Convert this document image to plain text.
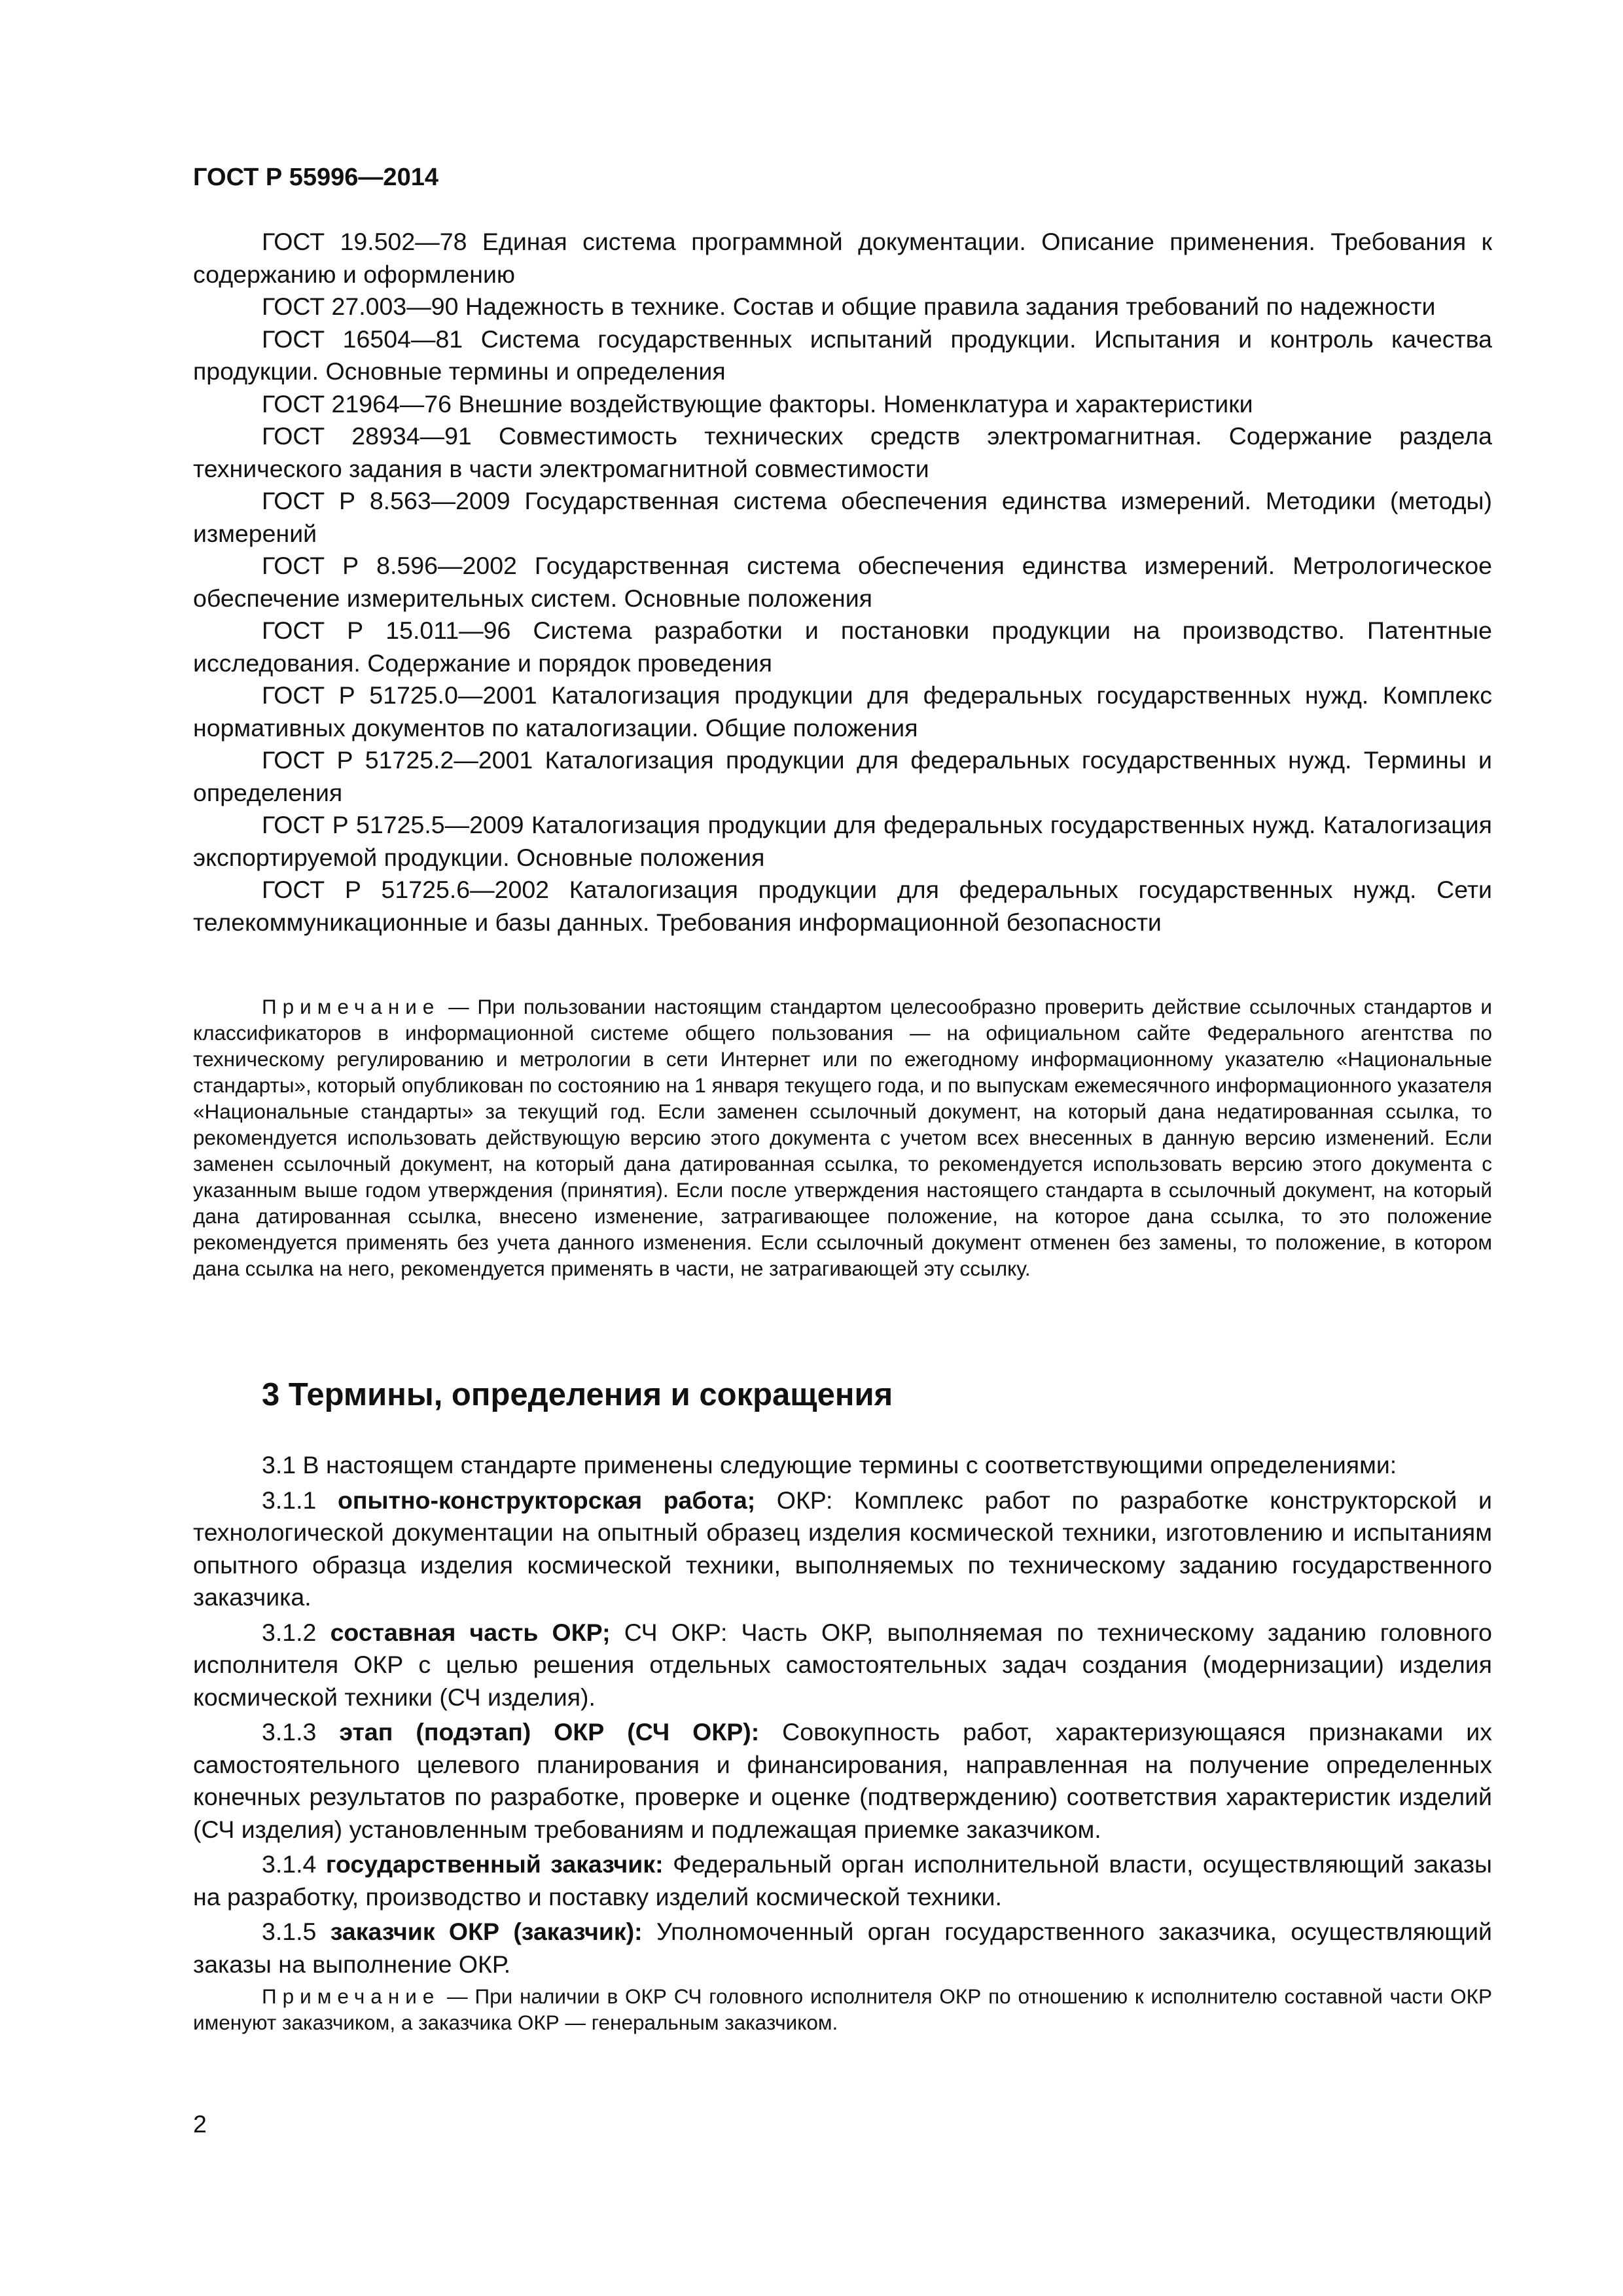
ГОСТ Р 55996—2014

ГОСТ 19.502—78 Единая система программной документации. Описание применения. Требования к содержанию и оформлению

ГОСТ 27.003—90 Надежность в технике. Состав и общие правила задания требований по надежности

ГОСТ 16504—81 Система государственных испытаний продукции. Испытания и контроль качества продукции. Основные термины и определения

ГОСТ 21964—76 Внешние воздействующие факторы. Номенклатура и характеристики

ГОСТ 28934—91 Совместимость технических средств электромагнитная. Содержание раздела технического задания в части электромагнитной совместимости

ГОСТ Р 8.563—2009 Государственная система обеспечения единства измерений. Методики (методы) измерений

ГОСТ Р 8.596—2002 Государственная система обеспечения единства измерений. Метрологическое обеспечение измерительных систем. Основные положения

ГОСТ Р 15.011—96 Система разработки и постановки продукции на производство. Патентные исследования. Содержание и порядок проведения

ГОСТ Р 51725.0—2001 Каталогизация продукции для федеральных государственных нужд. Комплекс нормативных документов по каталогизации. Общие положения

ГОСТ Р 51725.2—2001 Каталогизация продукции для федеральных государственных нужд. Термины и определения

ГОСТ Р 51725.5—2009 Каталогизация продукции для федеральных государственных нужд. Каталогизация экспортируемой продукции. Основные положения

ГОСТ Р 51725.6—2002 Каталогизация продукции для федеральных государственных нужд. Сети телекоммуникационные и базы данных. Требования информационной безопасности

Примечание — При пользовании настоящим стандартом целесообразно проверить действие ссылочных стандартов и классификаторов в информационной системе общего пользования — на официальном сайте Федерального агентства по техническому регулированию и метрологии в сети Интернет или по ежегодному информационному указателю «Национальные стандарты», который опубликован по состоянию на 1 января текущего года, и по выпускам ежемесячного информационного указателя «Национальные стандарты» за текущий год. Если заменен ссылочный документ, на который дана недатированная ссылка, то рекомендуется использовать действующую версию этого документа с учетом всех внесенных в данную версию изменений. Если заменен ссылочный документ, на который дана датированная ссылка, то рекомендуется использовать версию этого документа с указанным выше годом утверждения (принятия). Если после утверждения настоящего стандарта в ссылочный документ, на который дана датированная ссылка, внесено изменение, затрагивающее положение, на которое дана ссылка, то это положение рекомендуется применять без учета данного изменения. Если ссылочный документ отменен без замены, то положение, в котором дана ссылка на него, рекомендуется применять в части, не затрагивающей эту ссылку.

3 Термины, определения и сокращения

3.1 В настоящем стандарте применены следующие термины с соответствующими определениями:

3.1.1 опытно-конструкторская работа; ОКР: Комплекс работ по разработке конструкторской и технологической документации на опытный образец изделия космической техники, изготовлению и испытаниям опытного образца изделия космической техники, выполняемых по техническому заданию государственного заказчика.

3.1.2 составная часть ОКР; СЧ ОКР: Часть ОКР, выполняемая по техническому заданию головного исполнителя ОКР с целью решения отдельных самостоятельных задач создания (модернизации) изделия космической техники (СЧ изделия).

3.1.3 этап (подэтап) ОКР (СЧ ОКР): Совокупность работ, характеризующаяся признаками их самостоятельного целевого планирования и финансирования, направленная на получение определенных конечных результатов по разработке, проверке и оценке (подтверждению) соответствия характеристик изделий (СЧ изделия) установленным требованиям и подлежащая приемке заказчиком.

3.1.4 государственный заказчик: Федеральный орган исполнительной власти, осуществляющий заказы на разработку, производство и поставку изделий космической техники.

3.1.5 заказчик ОКР (заказчик): Уполномоченный орган государственного заказчика, осуществляющий заказы на выполнение ОКР.

Примечание — При наличии в ОКР СЧ головного исполнителя ОКР по отношению к исполнителю составной части ОКР именуют заказчиком, а заказчика ОКР — генеральным заказчиком.

2
